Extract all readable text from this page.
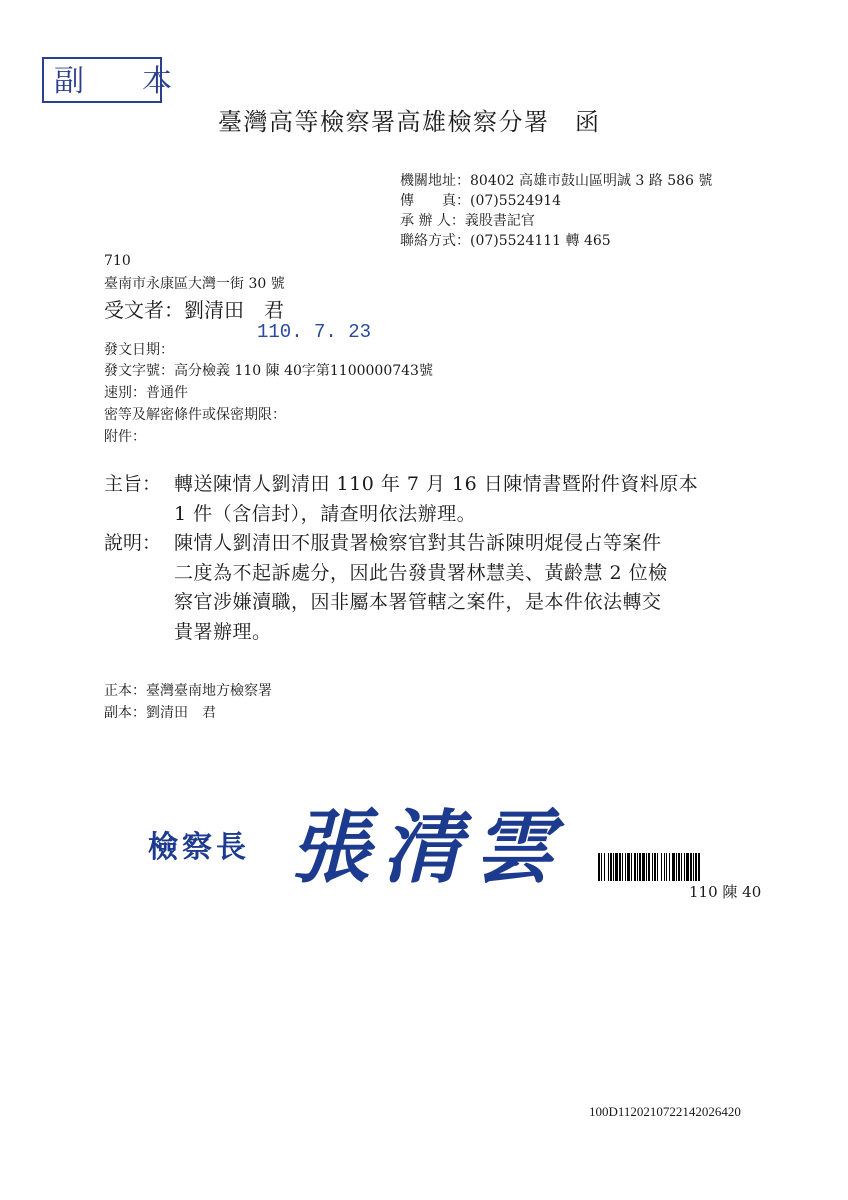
副　本
臺灣高等檢察署高雄檢察分署　函
機關地址：80402 高雄市鼓山區明誠 3 路 586 號
傳　　真：(07)5524914
承 辦 人：義股書記官
聯絡方式：(07)5524111 轉 465
710
臺南市永康區大灣一街 30 號
受文者：劉清田　君
110. 7. 23
發文日期：
發文字號：高分檢義 110 陳 40字第1100000743號
速別：普通件
密等及解密條件或保密期限：
附件：
主旨： 轉送陳情人劉清田 110 年 7 月 16 日陳情書暨附件資料原本
1 件（含信封），請查明依法辦理。
說明： 陳情人劉清田不服貴署檢察官對其告訴陳明焜侵占等案件
二度為不起訴處分，因此告發貴署林慧美、黃齡慧 2 位檢
察官涉嫌瀆職，因非屬本署管轄之案件，是本件依法轉交
貴署辦理。
正本：臺灣臺南地方檢察署
副本：劉清田　君
檢察長 張清雲	110 陳 40
100D1120210722142026420
